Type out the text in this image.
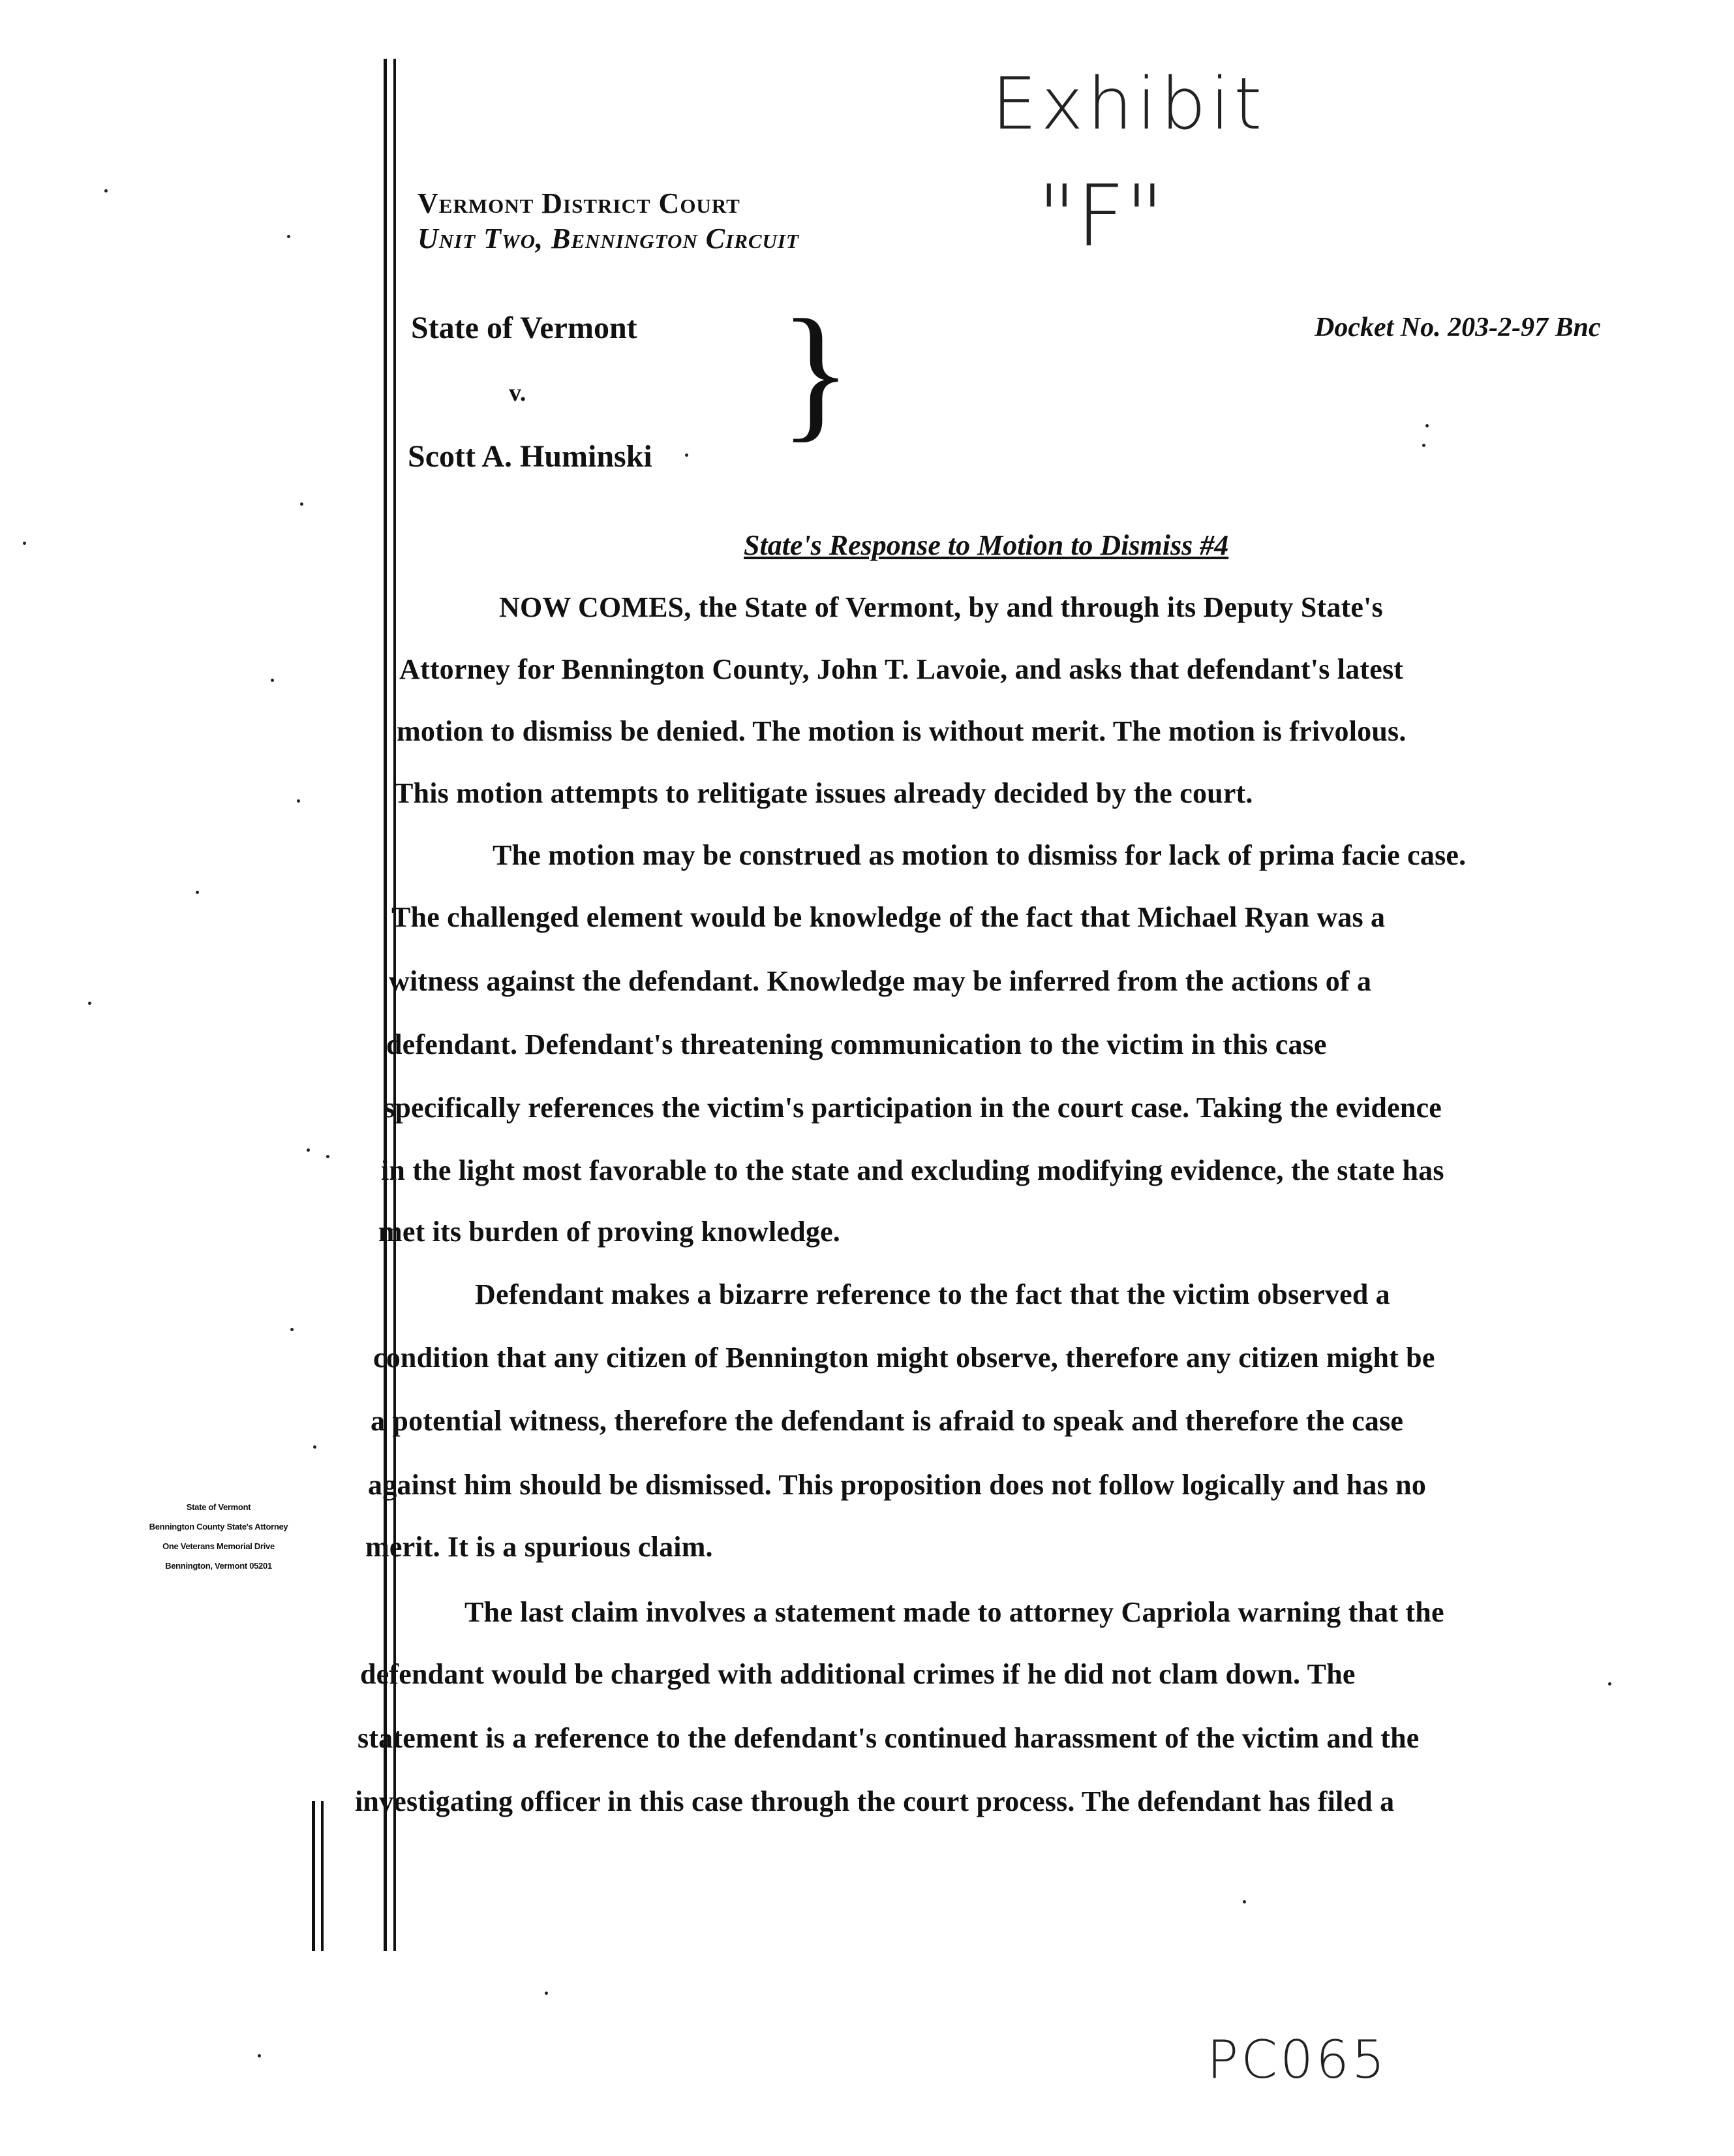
Exhibit
"F"
Vermont District Court
Unit Two, Bennington Circuit
State of Vermont
v.
Scott A. Huminski
}	Docket No. 203-2-97 Bnc
State's Response to Motion to Dismiss #4
State of Vermont
Bennington County State's Attorney
One Veterans Memorial Drive
Bennington, Vermont 05201
NOW COMES, the State of Vermont, by and through its Deputy State's
Attorney for Bennington County, John T. Lavoie, and asks that defendant's latest
motion to dismiss be denied. The motion is without merit. The motion is frivolous.
This motion attempts to relitigate issues already decided by the court.
The motion may be construed as motion to dismiss for lack of prima facie case.
The challenged element would be knowledge of the fact that Michael Ryan was a
witness against the defendant. Knowledge may be inferred from the actions of a
defendant. Defendant's threatening communication to the victim in this case
specifically references the victim's participation in the court case. Taking the evidence
in the light most favorable to the state and excluding modifying evidence, the state has
met its burden of proving knowledge.
Defendant makes a bizarre reference to the fact that the victim observed a
condition that any citizen of Bennington might observe, therefore any citizen might be
a potential witness, therefore the defendant is afraid to speak and therefore the case
against him should be dismissed. This proposition does not follow logically and has no
merit. It is a spurious claim.
The last claim involves a statement made to attorney Capriola warning that the
defendant would be charged with additional crimes if he did not clam down. The
statement is a reference to the defendant's continued harassment of the victim and the
investigating officer in this case through the court process. The defendant has filed a
PC065
